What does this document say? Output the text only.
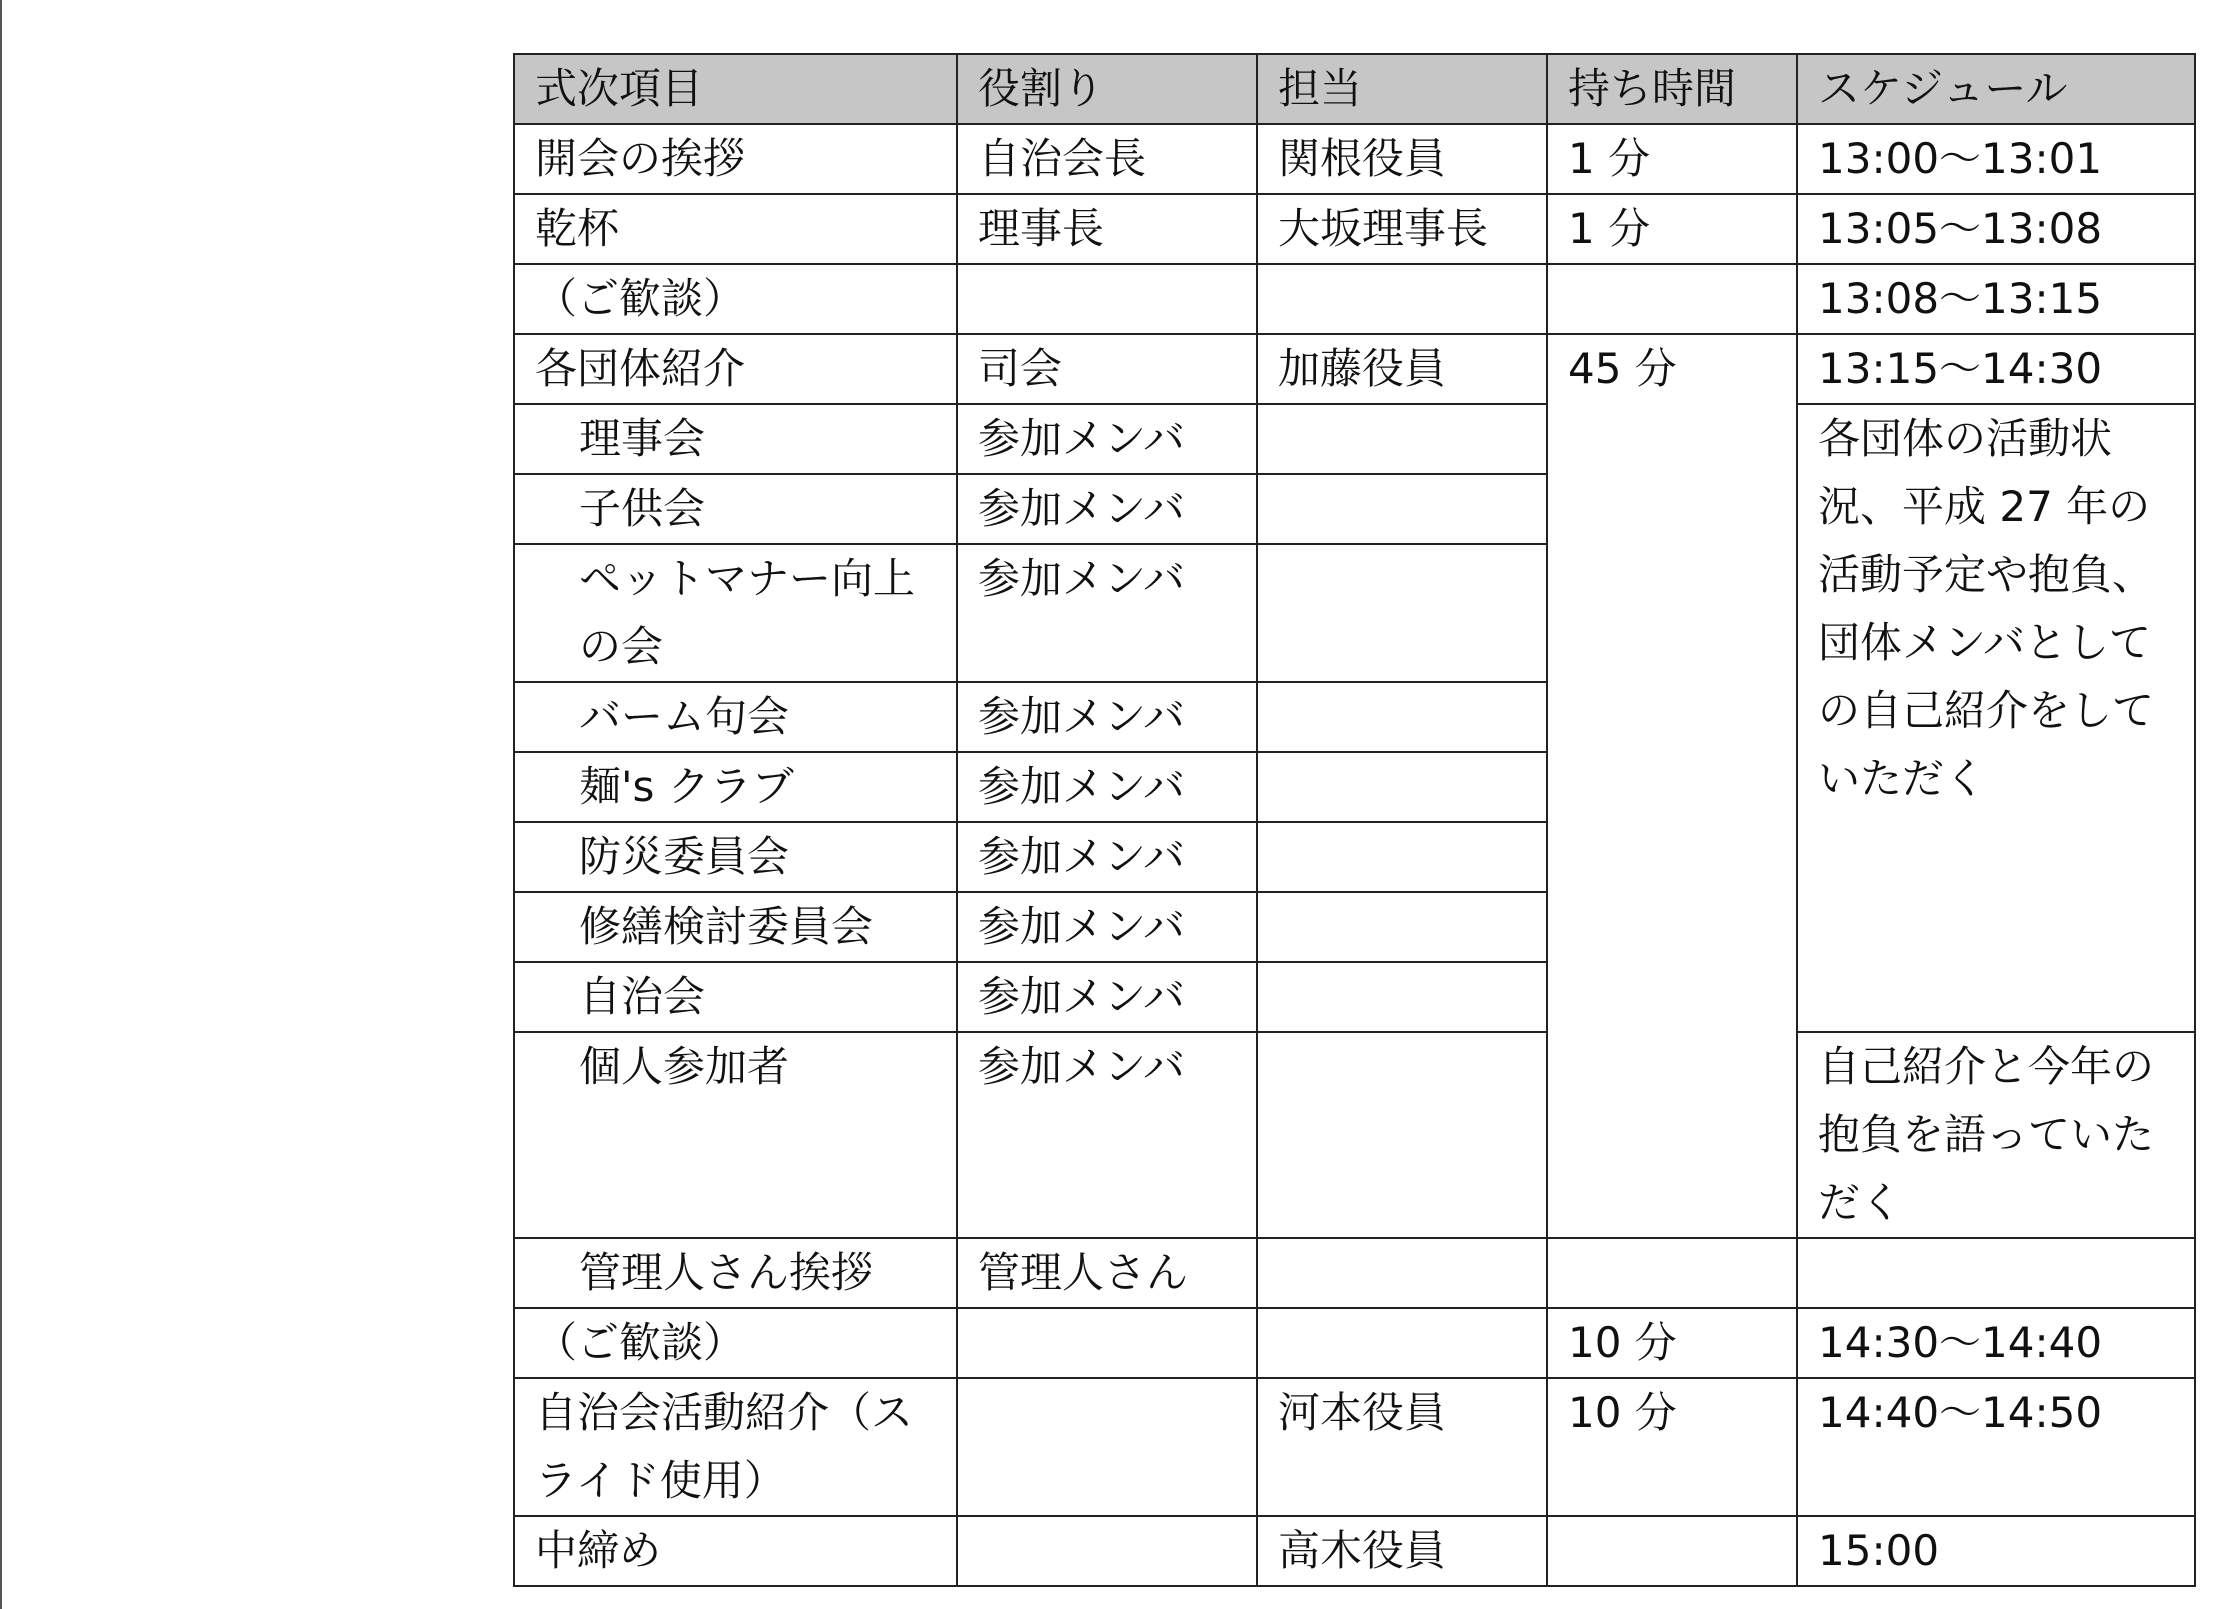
式次項目	役割り	担当	持ち時間	スケジュール
開会の挨拶	自治会長	関根役員	1 分	13:00～13:01
乾杯	理事長	大坂理事長	1 分	13:05～13:08
（ご歓談）				13:08～13:15
各団体紹介	司会	加藤役員	45 分	13:15～14:30
理事会	参加メンバ			各団体の活動状況、平成 27 年の活動予定や抱負、団体メンバとしての自己紹介をしていただく
子供会	参加メンバ			
ペットマナー向上の会	参加メンバ			
バーム句会	参加メンバ			
麺's クラブ	参加メンバ			
防災委員会	参加メンバ			
修繕検討委員会	参加メンバ			
自治会	参加メンバ			
個人参加者	参加メンバ			自己紹介と今年の抱負を語っていただく
管理人さん挨拶	管理人さん			
（ご歓談）			10 分	14:30～14:40
自治会活動紹介（スライド使用）		河本役員	10 分	14:40～14:50
中締め		高木役員		15:00
